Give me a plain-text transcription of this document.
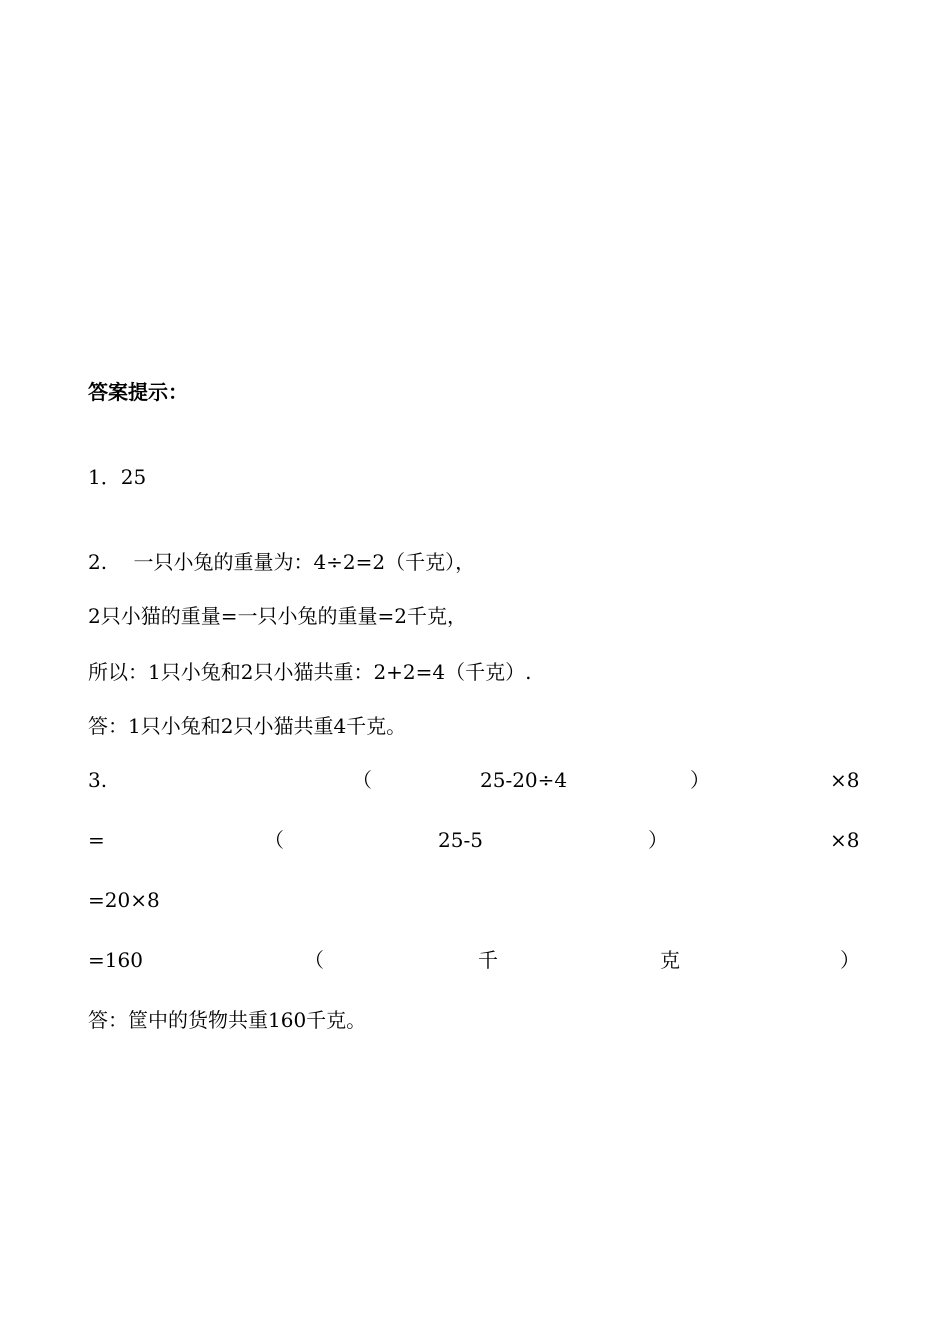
答案提示：
1．25
2.　 一只小兔的重量为：4÷2=2（千克），
2只小猫的重量=一只小兔的重量=2千克，
所以：1只小兔和2只小猫共重：2+2=4（千克）.
答：1只小兔和2只小猫共重4千克。
3.	（	25-20÷4	）	×8
=	（	25-5	）	×8
=20×8
=160	（	千	克	）
答：筐中的货物共重160千克。
